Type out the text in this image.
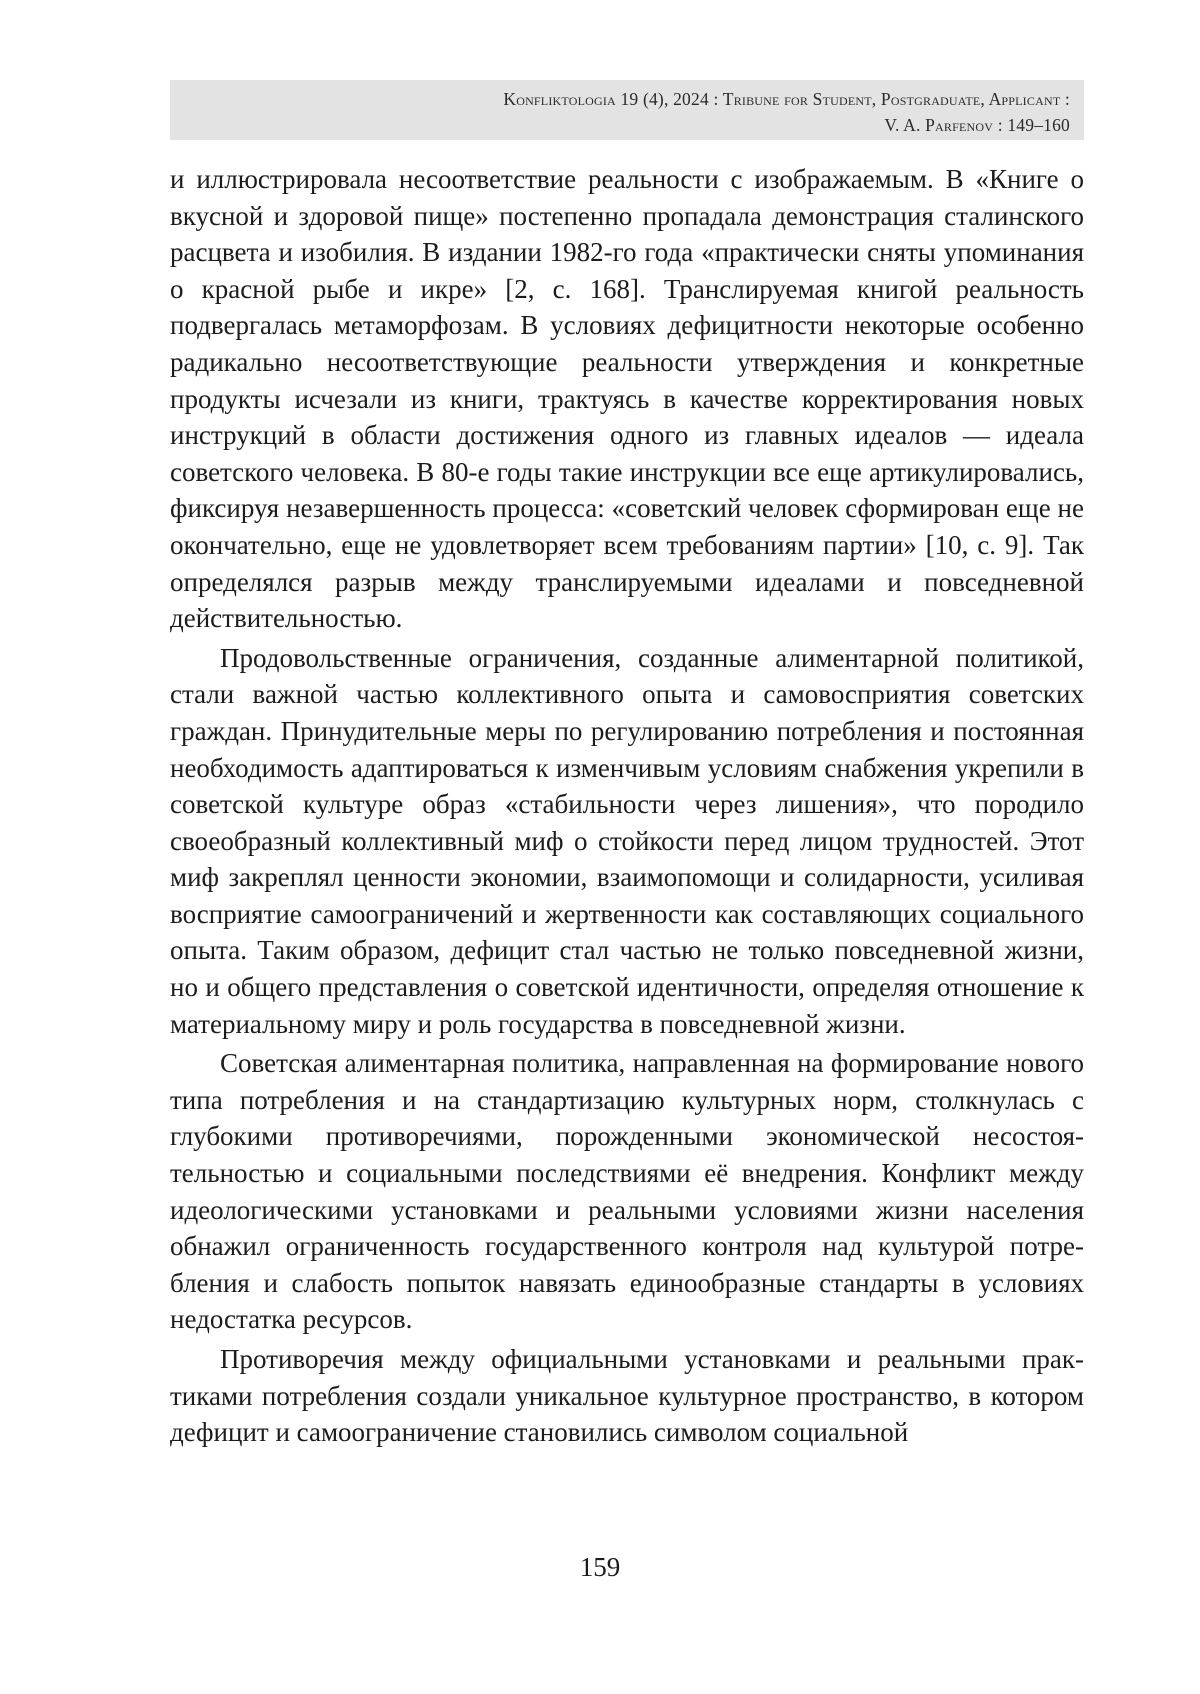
Konfliktologia 19 (4), 2024 : Tribune for Student, Postgraduate, Applicant :
V. A. Parfenov : 149–160

и иллюстрировала несоответствие реальности с изображаемым. В «Книге о вкусной и здоровой пище» постепенно пропадала демонстрация сталинского расцвета и изобилия. В издании 1982-го года «практически сняты упоминания о красной рыбе и икре» [2, с. 168]. Транслируемая книгой реальность подвергалась метаморфозам. В условиях дефицитности некоторые особенно радикально несоответствующие реальности утверждения и конкретные продукты исчезали из книги, трактуясь в качестве корректирования новых инструкций в области достижения одного из главных идеалов — идеала советского человека. В 80-е годы такие инструкции все еще артикулировались, фиксируя незавершенность процесса: «советский человек сформирован еще не окончательно, еще не удовлетворяет всем требованиям партии» [10, с. 9]. Так определялся разрыв между транслируемыми идеалами и повседневной действительностью.

Продовольственные ограничения, созданные алиментарной политикой, стали важной частью коллективного опыта и самовосприятия советских граждан. Принудительные меры по регулированию потребления и постоянная необходимость адаптироваться к изменчивым условиям снабжения укрепили в советской культуре образ «стабильности через лишения», что породило своеобразный коллективный миф о стойкости перед лицом трудностей. Этот миф закреплял ценности экономии, взаимопомощи и солидарности, усиливая восприятие самоограничений и жертвенности как составляющих социального опыта. Таким образом, дефицит стал частью не только повседневной жизни, но и общего представления о советской идентичности, определяя отношение к материальному миру и роль государства в повседневной жизни.

Советская алиментарная политика, направленная на формирование нового типа потребления и на стандартизацию культурных норм, столкнулась с глубокими противоречиями, порожденными экономической несостоятельностью и социальными последствиями её внедрения. Конфликт между идеологическими установками и реальными условиями жизни населения обнажил ограниченность государственного контроля над культурой потребления и слабость попыток навязать единообразные стандарты в условиях недостатка ресурсов.

Противоречия между официальными установками и реальными практиками потребления создали уникальное культурное пространство, в котором дефицит и самоограничение становились символом социальной

159
